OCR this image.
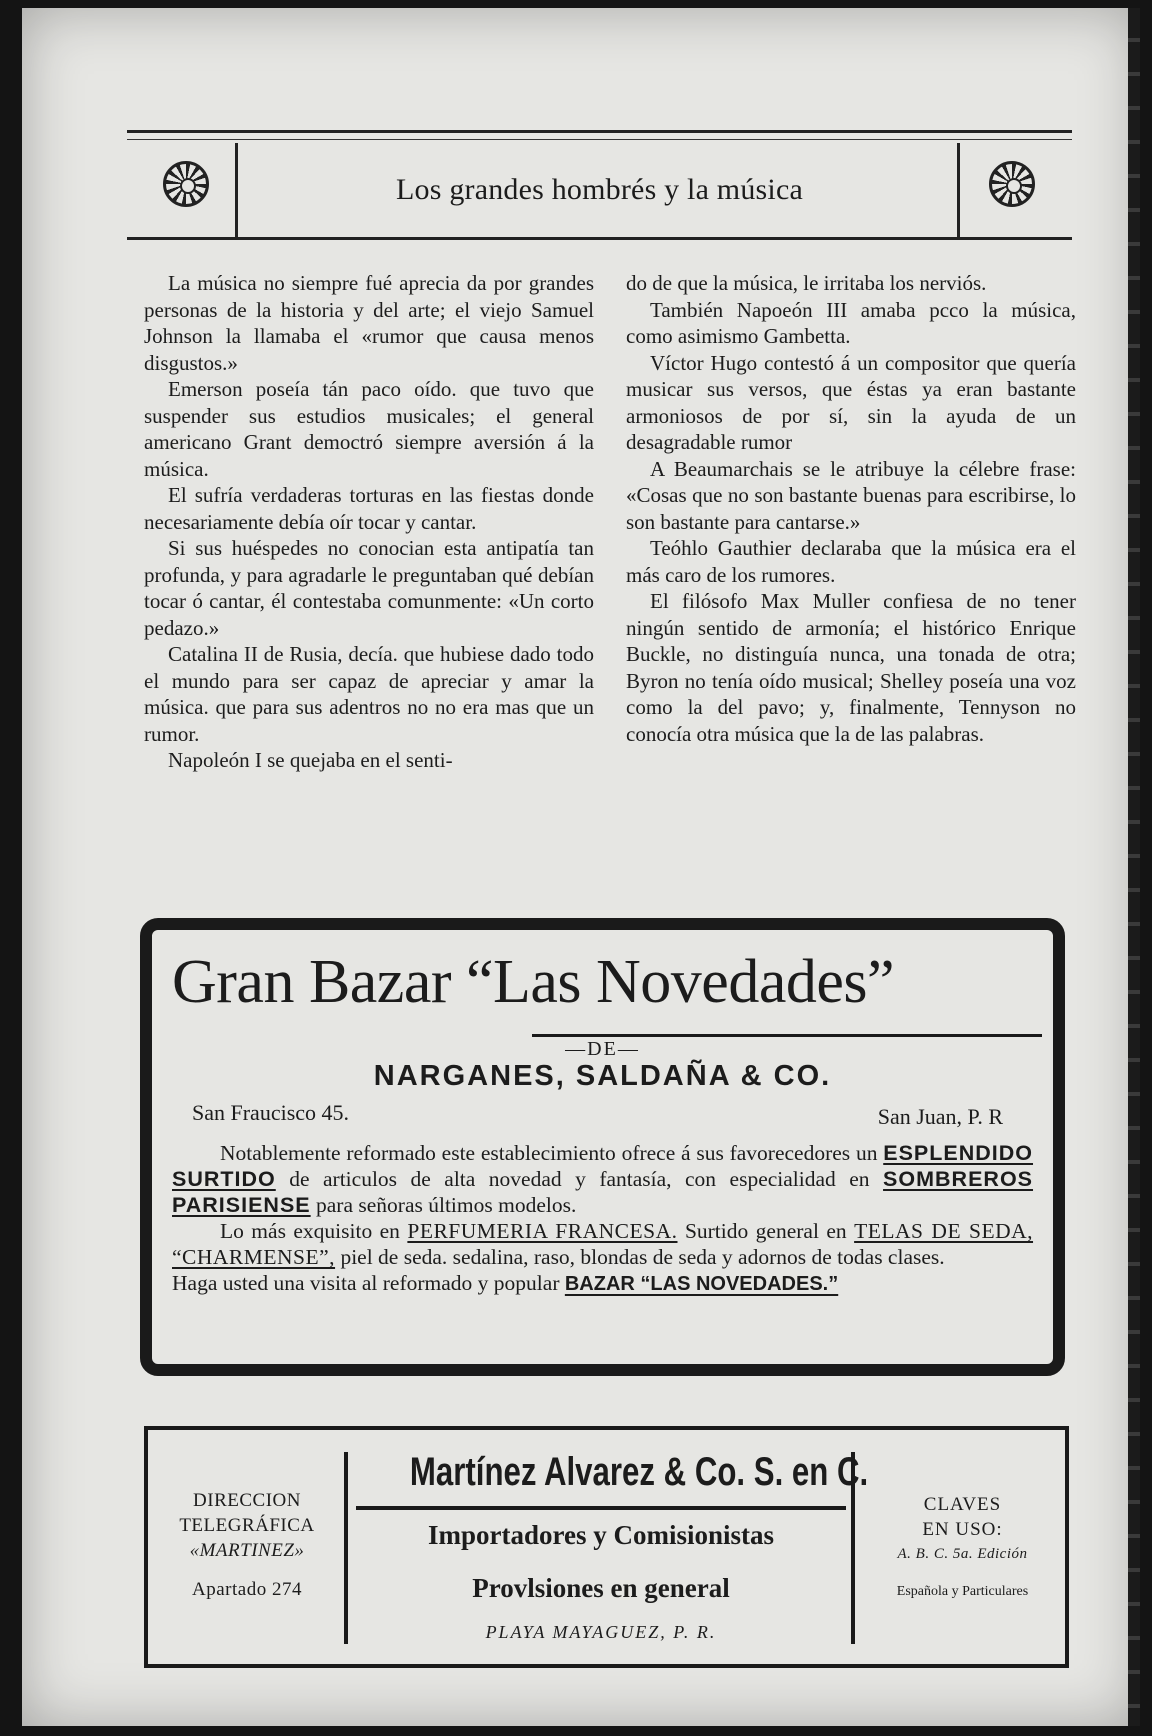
Los grandes hombrés y la música

La música no siempre fué aprecia da por grandes personas de la historia y del arte; el viejo Samuel Johnson la llamaba el «rumor que causa menos disgustos.»

Emerson poseía tán paco oído. que tuvo que suspender sus estudios musicales; el general americano Grant democtró siempre aversión á la música.

El sufría verdaderas torturas en las fiestas donde necesariamente debía oír tocar y cantar.

Si sus huéspedes no conocian esta antipatía tan profunda, y para agradarle le preguntaban qué debían tocar ó cantar, él contestaba comunmente: «Un corto pedazo.»

Catalina II de Rusia, decía. que hubiese dado todo el mundo para ser capaz de apreciar y amar la música. que para sus adentros no no era mas que un rumor.

Napoleón I se quejaba en el senti-

do de que la música, le irritaba los nerviós.

También Napoeón III amaba pcco la música, como asimismo Gambetta.

Víctor Hugo contestó á un compositor que quería musicar sus versos, que éstas ya eran bastante armoniosos de por sí, sin la ayuda de un desagradable rumor

A Beaumarchais se le atribuye la célebre frase: «Cosas que no son bastante buenas para escribirse, lo son bastante para cantarse.»

Teóhlo Gauthier declaraba que la música era el más caro de los rumores.

El filósofo Max Muller confiesa de no tener ningún sentido de armonía; el histórico Enrique Buckle, no distinguía nunca, una tonada de otra; Byron no tenía oído musical; Shelley poseía una voz como la del pavo; y, finalmente, Tennyson no conocía otra música que la de las palabras.

Gran Bazar “Las Novedades”
—DE—
NARGANES, SALDAÑA & CO.
San Fraucisco 45.	San Juan, P. R

Notablemente reformado este establecimiento ofrece á sus favorecedores un ESPLENDIDO SURTIDO de articulos de alta novedad y fantasía, con especialidad en SOMBREROS PARISIENSE para señoras últimos modelos.

Lo más exquisito en PERFUMERIA FRANCESA. Surtido general en TELAS DE SEDA, “CHARMENSE”, piel de seda. sedalina, raso, blondas de seda y adornos de todas clases.

Haga usted una visita al reformado y popular BAZAR “LAS NOVEDADES.”

DIRECCION
TELEGRÁFICA
«MARTINEZ»
Apartado 274
Martínez Alvarez & Co. S. en C.
Importadores y Comisionistas
Provlsiones en general
PLAYA MAYAGUEZ, P. R.
CLAVES
EN USO:
A. B. C. 5a. Edición
Española y Particulares
